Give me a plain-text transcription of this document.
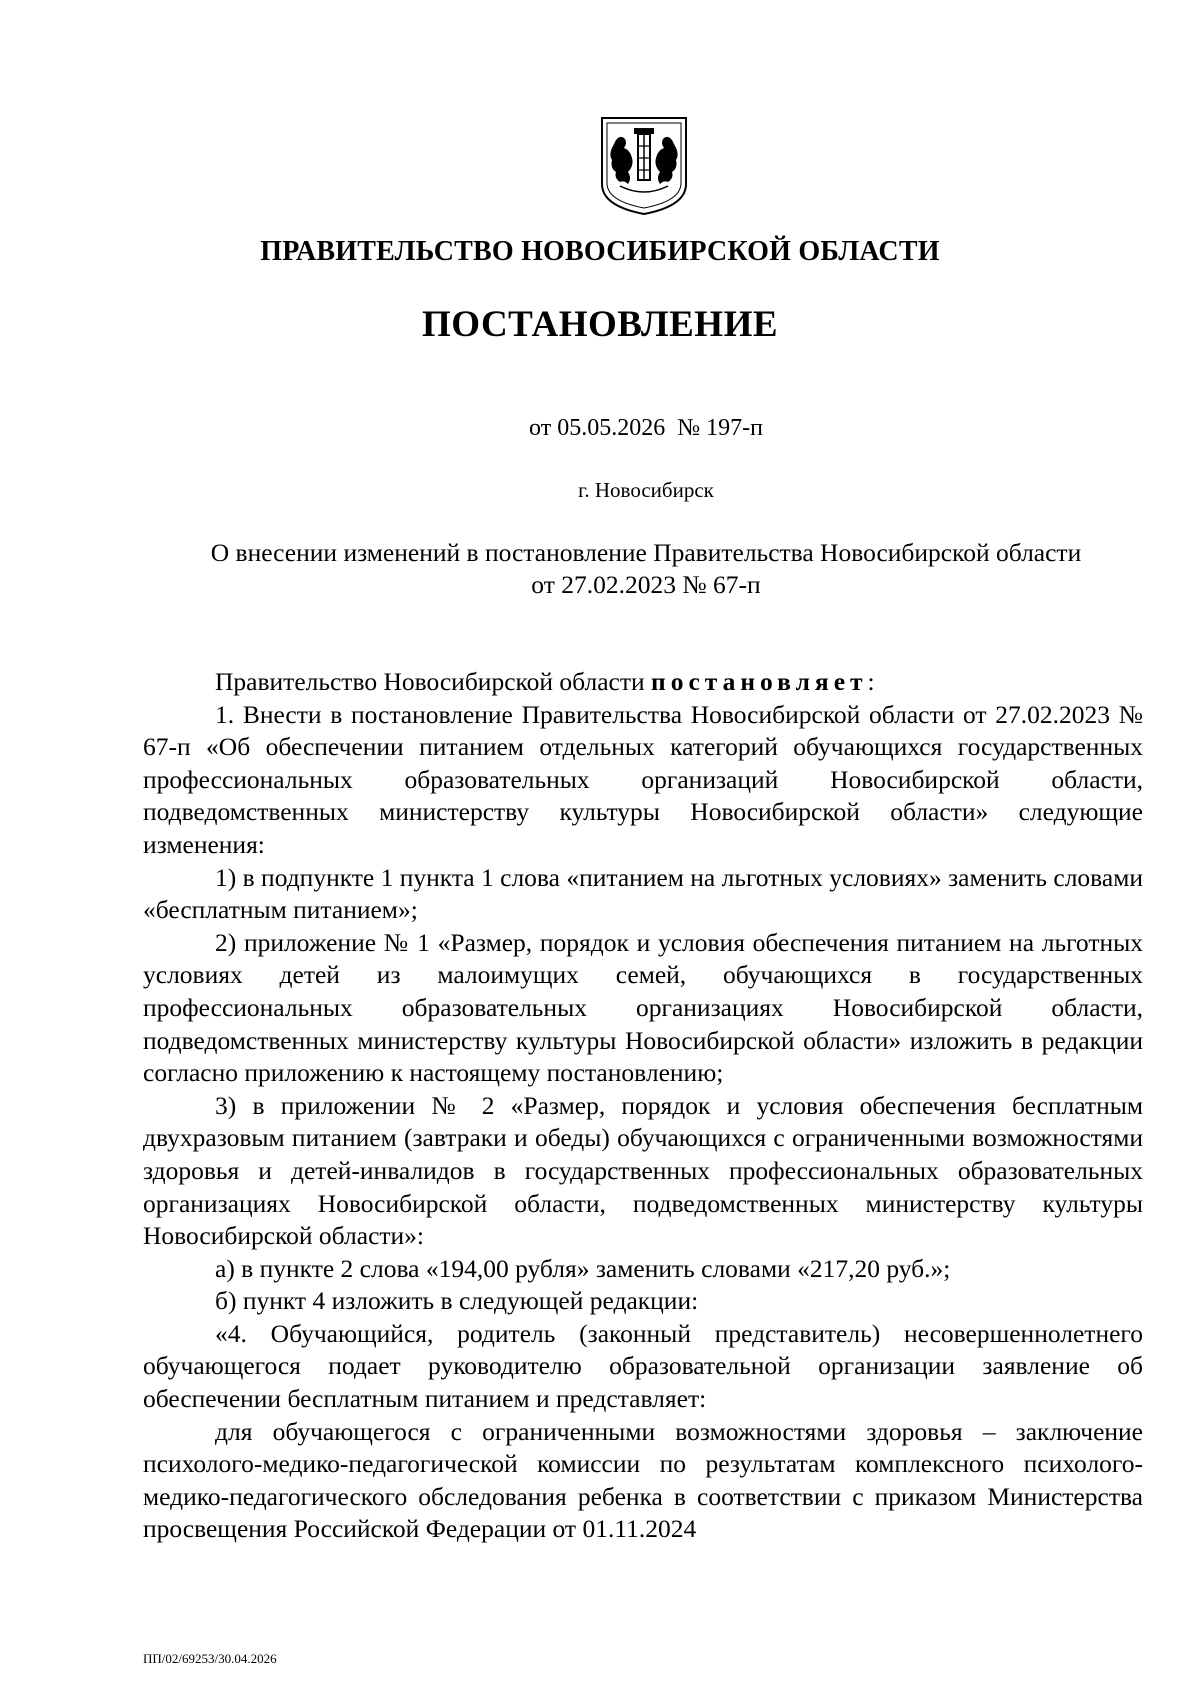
ПРАВИТЕЛЬСТВО НОВОСИБИРСКОЙ ОБЛАСТИ
ПОСТАНОВЛЕНИЕ
от 05.05.2026  № 197-п
г. Новосибирск
О внесении изменений в постановление Правительства Новосибирской области
от 27.02.2023 № 67-п

Правительство Новосибирской области постановляет:

1. Внести в постановление Правительства Новосибирской области от 27.02.2023 № 67-п «Об обеспечении питанием отдельных категорий обучающихся государственных профессиональных образовательных организаций Новосибирской области, подведомственных министерству культуры Новосибирской области» следующие изменения:

1) в подпункте 1 пункта 1 слова «питанием на льготных условиях» заменить словами «бесплатным питанием»;

2) приложение № 1 «Размер, порядок и условия обеспечения питанием на льготных условиях детей из малоимущих семей, обучающихся в государственных профессиональных образовательных организациях Новосибирской области, подведомственных министерству культуры Новосибирской области» изложить в редакции согласно приложению к настоящему постановлению;

3) в приложении № 2 «Размер, порядок и условия обеспечения бесплатным двухразовым питанием (завтраки и обеды) обучающихся с ограниченными возможностями здоровья и детей-инвалидов в государственных профессиональных образовательных организациях Новосибирской области, подведомственных министерству культуры Новосибирской области»:

а) в пункте 2 слова «194,00 рубля» заменить словами «217,20 руб.»;

б) пункт 4 изложить в следующей редакции:

«4. Обучающийся, родитель (законный представитель) несовершеннолетнего обучающегося подает руководителю образовательной организации заявление об обеспечении бесплатным питанием и представляет:

для обучающегося с ограниченными возможностями здоровья – заключение психолого-медико-педагогической комиссии по результатам комплексного психолого-медико-педагогического обследования ребенка в соответствии с приказом Министерства просвещения Российской Федерации от 01.11.2024

ПП/02/69253/30.04.2026
